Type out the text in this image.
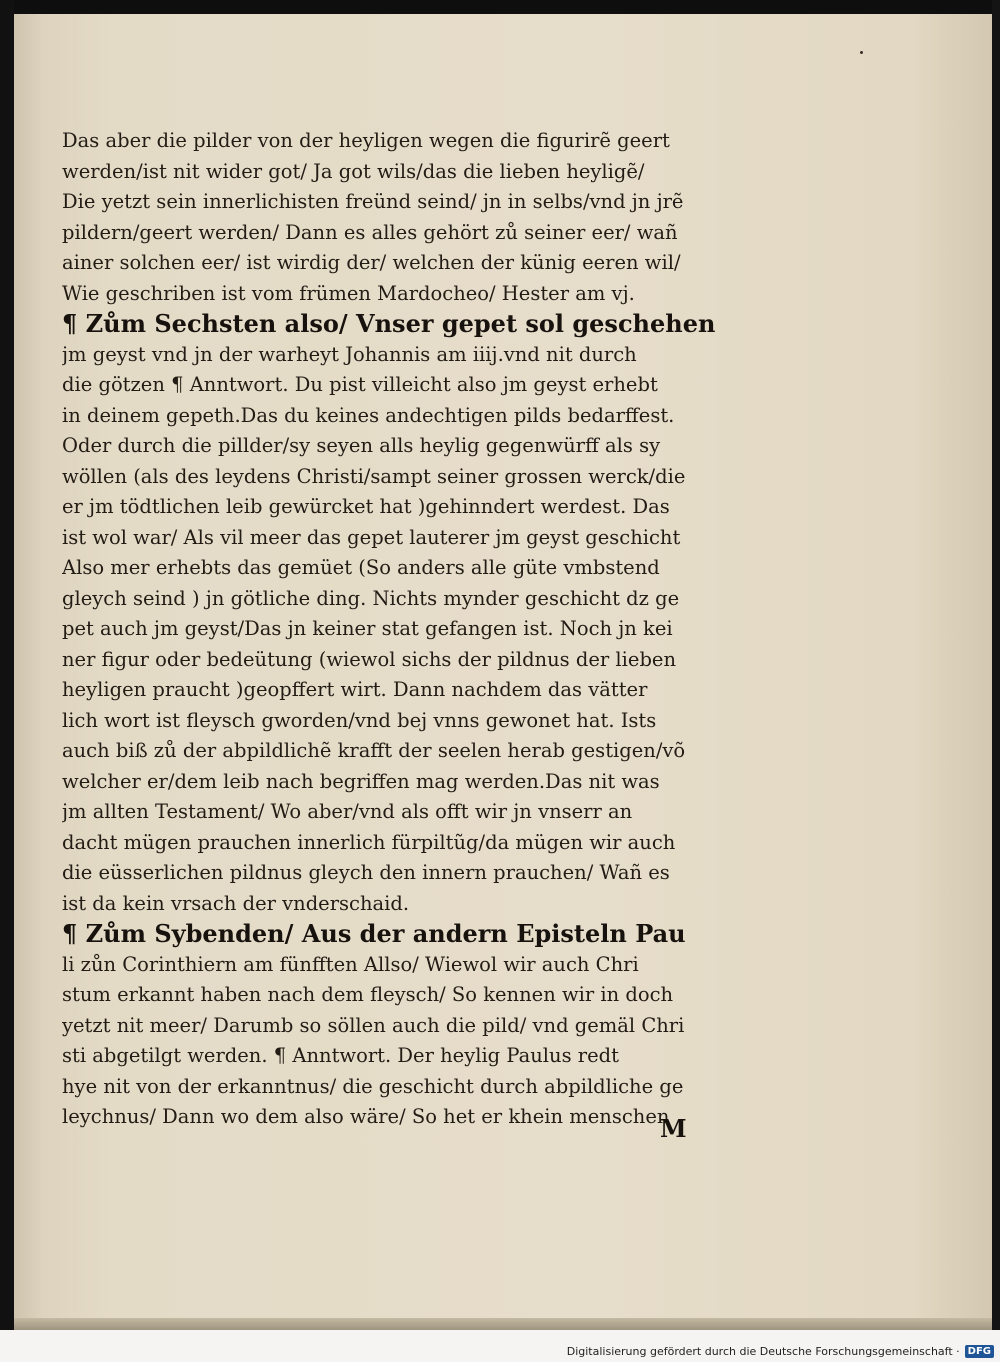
Das aber die pilder von der heyligen wegen die figurirẽ geert
werden/ist nit wider got/ Ja got wils/das die lieben heyligẽ/
Die yetzt sein innerlichisten freünd seind/ jn in selbs/vnd jn jrẽ
pildern/geert werden/ Dann es alles gehört zů seiner eer/ wañ
ainer solchen eer/ ist wirdig der/ welchen der künig eeren wil/
Wie geschriben ist vom frümen Mardocheo/ Hester am vj.
¶ Zům Sechsten also/ Vnser gepet sol geschehen
jm geyst vnd jn der warheyt Johannis am iiij.vnd nit durch
die götzen ¶ Anntwort. Du pist villeicht also jm geyst erhebt
in deinem gepeth.Das du keines andechtigen pilds bedarffest.
Oder durch die pillder/sy seyen alls heylig gegenwürff als sy
wöllen (als des leydens Christi/sampt seiner grossen werck/die
er jm tödtlichen leib gewürcket hat )gehinndert werdest. Das
ist wol war/ Als vil meer das gepet lauterer jm geyst geschicht
Also mer erhebts das gemüet (So anders alle güte vmbstend
gleych seind ) jn götliche ding. Nichts mynder geschicht dz ge
pet auch jm geyst/Das jn keiner stat gefangen ist. Noch jn kei
ner figur oder bedeütung (wiewol sichs der pildnus der lieben
heyligen praucht )geopffert wirt. Dann nachdem das vätter
lich wort ist fleysch gworden/vnd bej vnns gewonet hat. Ists
auch biß zů der abpildlichẽ krafft der seelen herab gestigen/võ
welcher er/dem leib nach begriffen mag werden.Das nit was
jm allten Testament/ Wo aber/vnd als offt wir jn vnserr an
dacht mügen prauchen innerlich fürpiltũg/da mügen wir auch
die eüsserlichen pildnus gleych den innern prauchen/ Wañ es
ist da kein vrsach der vnderschaid.
¶ Zům Sybenden/ Aus der andern Episteln Pau
li zůn Corinthiern am fünfften Allso/ Wiewol wir auch Chri
stum erkannt haben nach dem fleysch/ So kennen wir in doch
yetzt nit meer/ Darumb so söllen auch die pild/ vnd gemäl Chri
sti abgetilgt werden. ¶ Anntwort. Der heylig Paulus redt
hye nit von der erkanntnus/ die geschicht durch abpildliche ge
leychnus/ Dann wo dem also wäre/ So het er khein menschen
M
Digitalisierung gefördert durch die Deutsche Forschungsgemeinschaft · DFG
